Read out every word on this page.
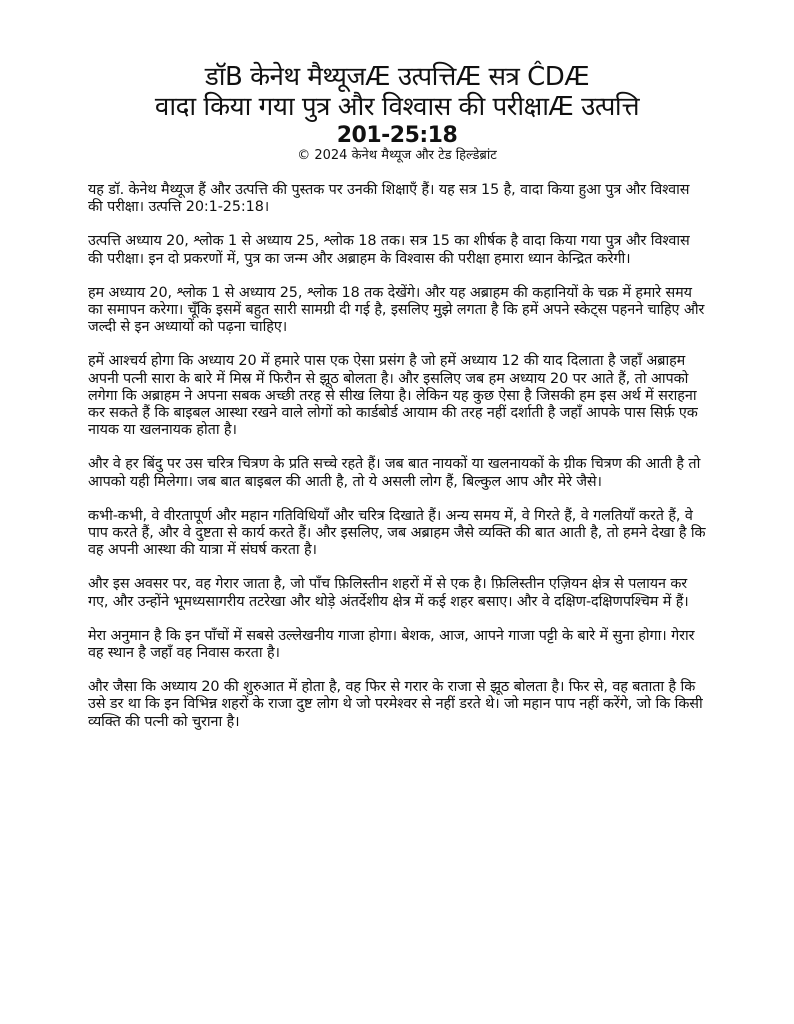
डॉB केनेथ मैथ्यूजÆ उत्पत्तिÆ सत्र ĈDÆ
वादा किया गया पुत्र और विश्वास की परीक्षाÆ उत्पत्ति
201-25:18
© 2024 केनेथ मैथ्यूज और टेड हिल्डेब्रांट

यह डॉ. केनेथ मैथ्यूज हैं और उत्पत्ति की पुस्तक पर उनकी शिक्षाएँ हैं। यह सत्र 15 है, वादा किया हुआ पुत्र और विश्वास की परीक्षा। उत्पत्ति 20:1-25:18।

उत्पत्ति अध्याय 20, श्लोक 1 से अध्याय 25, श्लोक 18 तक। सत्र 15 का शीर्षक है वादा किया गया पुत्र और विश्वास की परीक्षा। इन दो प्रकरणों में, पुत्र का जन्म और अब्राहम के विश्वास की परीक्षा हमारा ध्यान केन्द्रित करेगी।

हम अध्याय 20, श्लोक 1 से अध्याय 25, श्लोक 18 तक देखेंगे। और यह अब्राहम की कहानियों के चक्र में हमारे समय का समापन करेगा। चूँकि इसमें बहुत सारी सामग्री दी गई है, इसलिए मुझे लगता है कि हमें अपने स्केट्स पहनने चाहिए और जल्दी से इन अध्यायों को पढ़ना चाहिए।

हमें आश्चर्य होगा कि अध्याय 20 में हमारे पास एक ऐसा प्रसंग है जो हमें अध्याय 12 की याद दिलाता है जहाँ अब्राहम अपनी पत्नी सारा के बारे में मिस्र में फिरौन से झूठ बोलता है। और इसलिए जब हम अध्याय 20 पर आते हैं, तो आपको लगेगा कि अब्राहम ने अपना सबक अच्छी तरह से सीख लिया है। लेकिन यह कुछ ऐसा है जिसकी हम इस अर्थ में सराहना कर सकते हैं कि बाइबल आस्था रखने वाले लोगों को कार्डबोर्ड आयाम की तरह नहीं दर्शाती है जहाँ आपके पास सिर्फ़ एक नायक या खलनायक होता है।

और वे हर बिंदु पर उस चरित्र चित्रण के प्रति सच्चे रहते हैं। जब बात नायकों या खलनायकों के ग्रीक चित्रण की आती है तो आपको यही मिलेगा। जब बात बाइबल की आती है, तो ये असली लोग हैं, बिल्कुल आप और मेरे जैसे।

कभी-कभी, वे वीरतापूर्ण और महान गतिविधियाँ और चरित्र दिखाते हैं। अन्य समय में, वे गिरते हैं, वे गलतियाँ करते हैं, वे पाप करते हैं, और वे दुष्टता से कार्य करते हैं। और इसलिए, जब अब्राहम जैसे व्यक्ति की बात आती है, तो हमने देखा है कि वह अपनी आस्था की यात्रा में संघर्ष करता है।

और इस अवसर पर, वह गेरार जाता है, जो पाँच फ़िलिस्तीन शहरों में से एक है। फ़िलिस्तीन एज़ियन क्षेत्र से पलायन कर गए, और उन्होंने भूमध्यसागरीय तटरेखा और थोड़े अंतर्देशीय क्षेत्र में कई शहर बसाए। और वे दक्षिण-दक्षिणपश्चिम में हैं।

मेरा अनुमान है कि इन पाँचों में सबसे उल्लेखनीय गाजा होगा। बेशक, आज, आपने गाजा पट्टी के बारे में सुना होगा। गेरार वह स्थान है जहाँ वह निवास करता है।

और जैसा कि अध्याय 20 की शुरुआत में होता है, वह फिर से गरार के राजा से झूठ बोलता है। फिर से, वह बताता है कि उसे डर था कि इन विभिन्न शहरों के राजा दुष्ट लोग थे जो परमेश्वर से नहीं डरते थे। जो महान पाप नहीं करेंगे, जो कि किसी व्यक्ति की पत्नी को चुराना है।
